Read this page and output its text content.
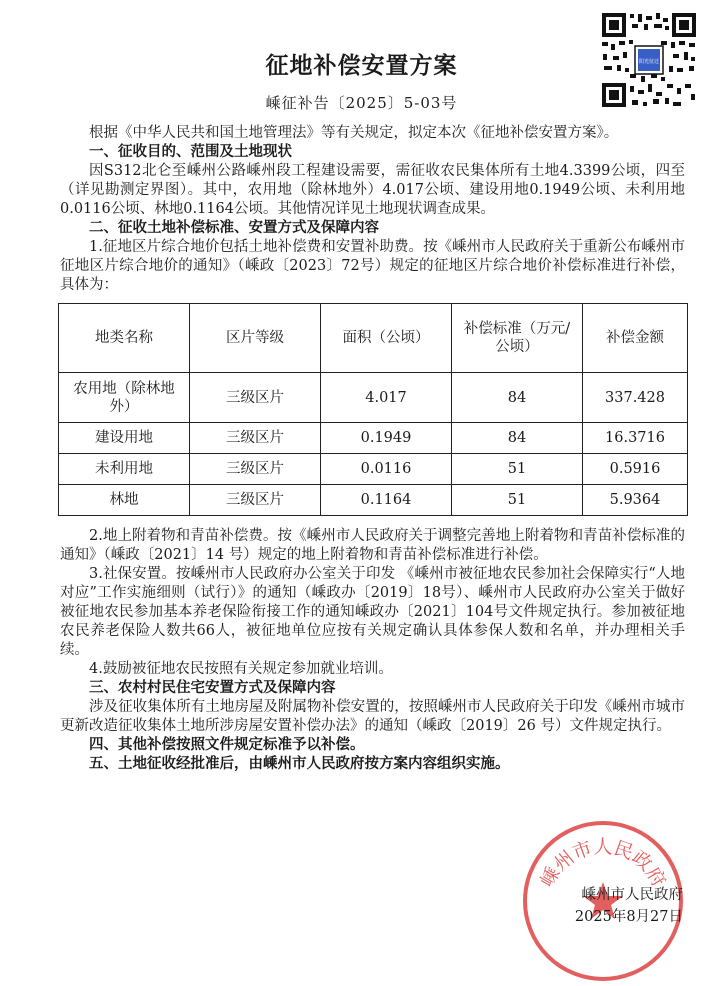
阳光征迁
征地补偿安置方案
嵊征补告〔2025〕5-03号

根据《中华人民共和国土地管理法》等有关规定，拟定本次《征地补偿安置方案》。

一、征收目的、范围及土地现状

因S312北仑至嵊州公路嵊州段工程建设需要，需征收农民集体所有土地4.3399公顷，四至（详见勘测定界图）。其中，农用地（除林地外）4.017公顷、建设用地0.1949公顷、未利用地0.0116公顷、林地0.1164公顷。其他情况详见土地现状调查成果。

二、征收土地补偿标准、安置方式及保障内容

1.征地区片综合地价包括土地补偿费和安置补助费。按《嵊州市人民政府关于重新公布嵊州市征地区片综合地价的通知》（嵊政〔2023〕72号）规定的征地区片综合地价补偿标准进行补偿，具体为：

地类名称	区片等级	面积（公顷）	补偿标准（万元/公顷）	补偿金额
农用地（除林地外）	三级区片	4.017	84	337.428
建设用地	三级区片	0.1949	84	16.3716
未利用地	三级区片	0.0116	51	0.5916
林地	三级区片	0.1164	51	5.9364

2.地上附着物和青苗补偿费。按《嵊州市人民政府关于调整完善地上附着物和青苗补偿标准的通知》（嵊政〔2021〕14 号）规定的地上附着物和青苗补偿标准进行补偿。

3.社保安置。按嵊州市人民政府办公室关于印发 《嵊州市被征地农民参加社会保障实行“人地对应”工作实施细则（试行）》的通知（嵊政办〔2019〕18号）、嵊州市人民政府办公室关于做好 被征地农民参加基本养老保险衔接工作的通知嵊政办〔2021〕104号文件规定执行。参加被征地农民养老保险人数共66人，被征地单位应按有关规定确认具体参保人数和名单，并办理相关手续。

4.鼓励被征地农民按照有关规定参加就业培训。

三、农村村民住宅安置方式及保障内容

涉及征收集体所有土地房屋及附属物补偿安置的，按照嵊州市人民政府关于印发《嵊州市城市更新改造征收集体土地所涉房屋安置补偿办法》的通知（嵊政〔2019〕26 号）文件规定执行。

四、其他补偿按照文件规定标准予以补偿。

五、土地征收经批准后，由嵊州市人民政府按方案内容组织实施。

嵊州市人民政府
嵊州市人民政府
2025年8月27日
